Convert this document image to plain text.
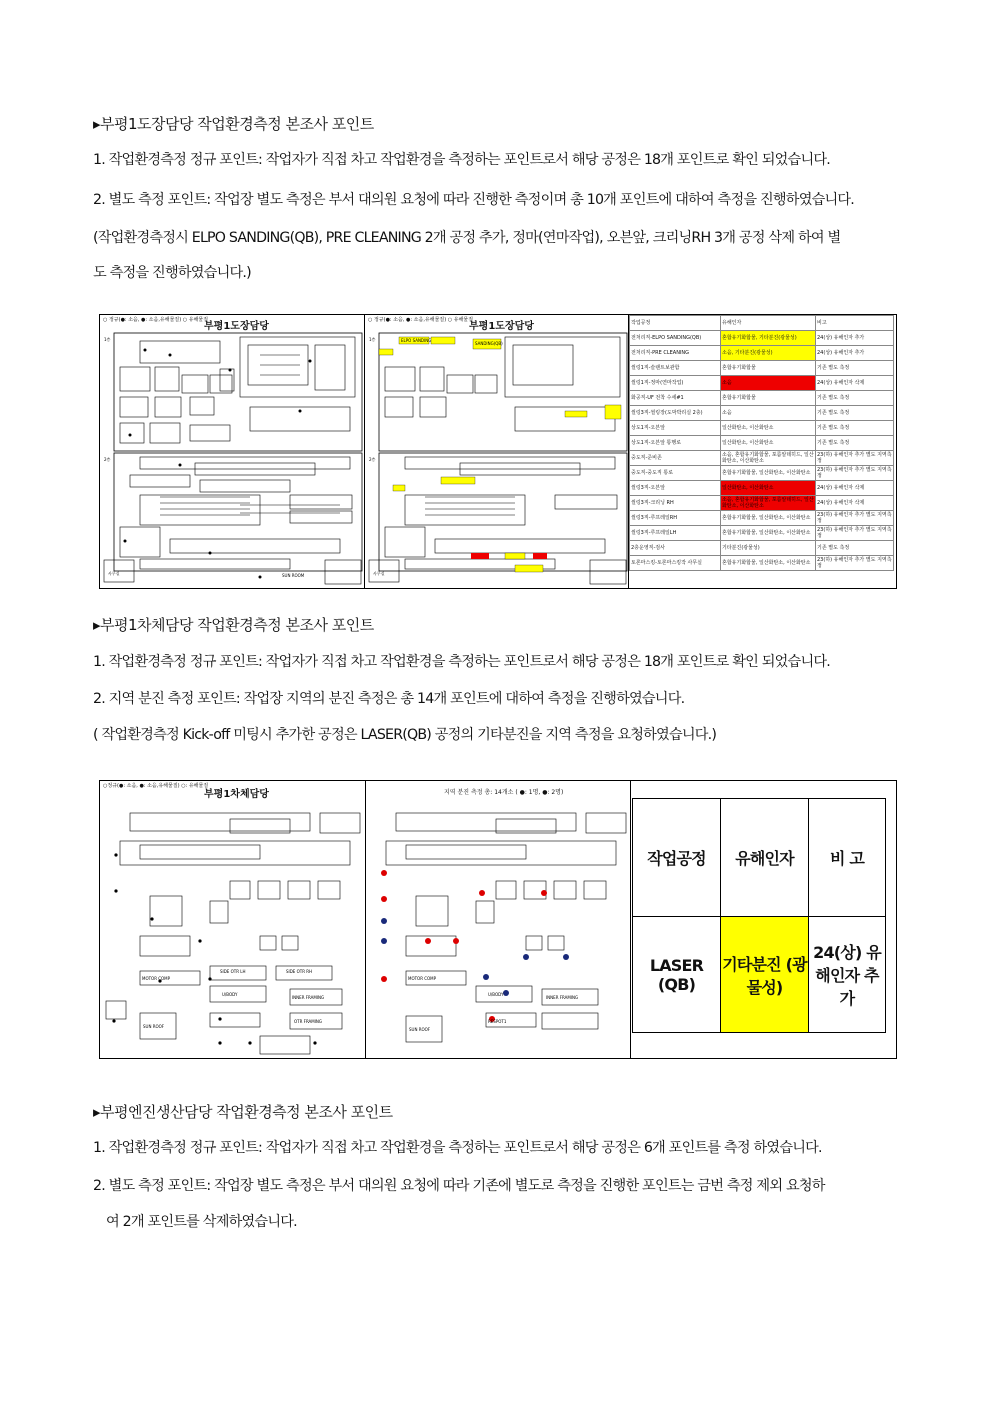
▸부평1도장담당 작업환경측정 본조사 포인트
1. 작업환경측정 정규 포인트: 작업자가 직접 차고 작업환경을 측정하는 포인트로서 해당 공정은 18개 포인트로 확인 되었습니다.
2. 별도 측정 포인트: 작업장 별도 측정은 부서 대의원 요청에 따라 진행한 측정이며 총 10개 포인트에 대하여 측정을 진행하였습니다.
(작업환경측정시 ELPO SANDING(QB), PRE CLEANING 2개 공정 추가, 정마(연마작업), 오븐앞, 크리닝RH 3개 공정 삭제 하여 별
도 측정을 진행하였습니다.)
○ 정규(●: 소음, ●: 소음,유해물질) ○ 유해물질
부평1도장담당
1층
2층
사무실	SUN ROOM
○ 정규(●: 소음, ●: 소음,유해물질) ○ 유해물질
부평1도장담당
1층
2층
사무실
ELPO SANDING
SANDING(QB)
작업공정	유해인자	비고
전처리직-ELPO SANDING(QB)	혼합유기화합물, 기타분진(광물성)	24(상) 유해인자 추가
전처리직-PRE CLEANING	소음, 기타분진(광물성)	24(상) 유해인자 추가
씰링1직-슬랜트보관함	혼합유기화합물	기존 별도 측정
씰링1직-정마(연마작업)	소음	24(상) 유해인자 삭제
화공직-UF 전착 수세#1	혼합유기화합물	기존 별도 측정
씰링3직-씰링장(도막박리실 2층)	소음	기존 별도 측정
상도1직-오븐앞	일산화탄소, 이산화탄소	기존 별도 측정
상도1직-오븐앞 통행로	일산화탄소, 이산화탄소	기존 별도 측정
중도직-준비존	소음, 혼합유기화합물, 포름알데히드, 일산화탄소, 이산화탄소	23(하) 유해인자 추가 별도 지역측정
중도직-중도직 통로	혼합유기화합물, 일산화탄소, 이산화탄소	23(하) 유해인자 추가 별도 지역측정
씰링3직-오븐앞	일산화탄소, 이산화탄소	24(상) 유해인자 삭제
씰링3직-크리닝 RH	소음, 혼합유기화합물, 포름알데히드, 일산화탄소, 이산화탄소	24(상) 유해인자 삭제
씰링3직-루프레일RH	혼합유기화합물, 일산화탄소, 이산화탄소	23(하) 유해인자 추가 별도 지역측정
씰링3직-루프레일LH	혼합유기화합물, 일산화탄소, 이산화탄소	23(하) 유해인자 추가 별도 지역측정
2층운영직-검사	기타분진(광물성)	기존 별도 측정
토론마스킹-토론마스킹작 사무실	혼합유기화합물, 일산화탄소, 이산화탄소	23(하) 유해인자 추가 별도 지역측정
▸부평1차체담당 작업환경측정 본조사 포인트
1. 작업환경측정 정규 포인트: 작업자가 직접 차고 작업환경을 측정하는 포인트로서 해당 공정은 18개 포인트로 확인 되었습니다.
2. 지역 분진 측정 포인트: 작업장 지역의 분진 측정은 총 14개 포인트에 대하여 측정을 진행하였습니다.
( 작업환경측정 Kick-off 미팅시 추가한 공정은 LASER(QB) 공정의 기타분진을 지역 측정을 요청하였습니다.)
○정규(●: 소음, ●: 소음,유해물질) ○: 유해물질
부평1차체담당
MOTOR COMP
SUN ROOF
U/BODY
INNER FRAMING
OTR FRAMING
SIDE OTR LH	SIDE OTR RH
지역 분진 측정 총: 14개소 ( ●: 1명, ●: 2명)
MOTOR COMP
SUN ROOF
U/BODY
INNER FRAMING
RESPOT1
작업공정	유해인자	비 고
LASER (QB)	기타분진 (광물성)	24(상) 유해인자 추가
▸부평엔진생산담당 작업환경측정 본조사 포인트
1. 작업환경측정 정규 포인트: 작업자가 직접 차고 작업환경을 측정하는 포인트로서 해당 공정은 6개 포인트를 측정 하였습니다.
2. 별도 측정 포인트: 작업장 별도 측정은 부서 대의원 요청에 따라 기존에 별도로 측정을 진행한 포인트는 금번 측정 제외 요청하
여 2개 포인트를 삭제하였습니다.
